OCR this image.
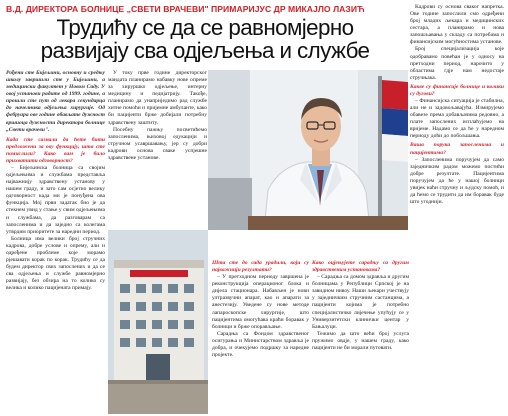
В.Д. ДИРЕКТОРА БОЛНИЦЕ „СВЕТИ ВРАЧЕВИ" ПРИМАРИЈУС ДР МИКАЈЛО ЛАЗИЋ
Трудићу се да се равномјерно
развијају сва одјељења и службе

Рођени сте Бијељини, основну и средњу школу завршили сте у Бијељини, а медицински факултет у Новом Саду. У овој установи радите од 1999. године, а прошли сте пут од лекара секундарца до начелника одјељења хирургије. Од фебруара ове године обављате дужност вршиоца дужности директора болнице „Свети врачеви".

Када сте сазнали да ћете бити предложени за ову функцију, шта сте помислили? Како вам је било прихватити одговорност?

– Бијељинска болница са својим одјељењима и службама представља најважнију здравствену установу у нашем граду, и зато сам осјетио велику одговорност када ми је понуђена ова функција. Мој први задатак био је да стекнем увид у стање у свим одјељењима и службама, да разговарам са запосленима и да заједно са колегама утврдим приоритете за наредни период.

Болница има велики број стручних кадрова, добре услове и опрему, али и одређене проблеме које морамо рјешавати корак по корак. Трудићу се да будем директор свих запослених и да се сва одјељења и службе равномјерно развијају, без обзира на то колико су велика и колико пацијената примају.

У току прве године директорског мандата планирамо набавку нове опреме за хируршко одјељење, интерну медицину и педијатрију. Такође, планирамо да унаприједимо рад службе хитне помоћи и пријемне амбуланте, како би пацијенти брже добијали потребну здравствену заштиту.

Посебну пажњу посветићемо запосленима, њиховој едукацији и стручном усавршавању, јер су добри кадрови основа сваке успјешне здравствене установе.

Шта сте до сада урадили, који су најважнији резултати?

– У претходном периоду завршена је реконструкција операционог блока и дијела стационара. Набављен је нови ултразвучни апарат, као и апарати за анестезију. Уведене су нове методе лапароскопске хирургије, што пацијентима омогућава краћи боравак у болници и брже опорављање.

Сарадња са Фондом здравственог осигурања и Министарством здравља је добра, и очекујемо подршку за наредне пројекте.

Како оцјењујете сарадњу са другим здравственим установама?

– Сарадња са домом здравља и другим болницама у Републици Српској је на завидном нивоу. Наши љекари учествују у заједничким стручним састанцима, а пацијенти којима је потребно специјалистичко лијечење упућују се у Универзитетски клинички центар у Бањалуци.

Тежимо да што већи број услуга пружимо овдје, у нашем граду, како пацијенти не би морали путовати.

Кадрови су основа сваког напретка. Ове године запослили смо одређени број младих љекара и медицинских сестара, а планирамо и нова запошљавања у складу са потребама и финансијским могућностима установе.

Број специјализација које одобравамо повећан је у односу на претходни период, нарочито у областима гдје нам недостаје стручњака.

Какве су финансије болнице и колики су дугови?

– Финансијска ситуација је стабилна, али не и задовољавајућа. Измирујемо обавезе према добављачима редовно, а плате запослених исплаћујемо на вријеме. Надамо се да ће у наредном периоду доћи до побољшања.

Ваша порука запосленима и пацијентима?

– Запосленима поручујем да само заједничким радом можемо постићи добре резултате. Пацијентима поручујем да ће у нашој болници увијек наћи стручну и људску помоћ, и да ћемо се трудити да им боравак буде што угоднији.
